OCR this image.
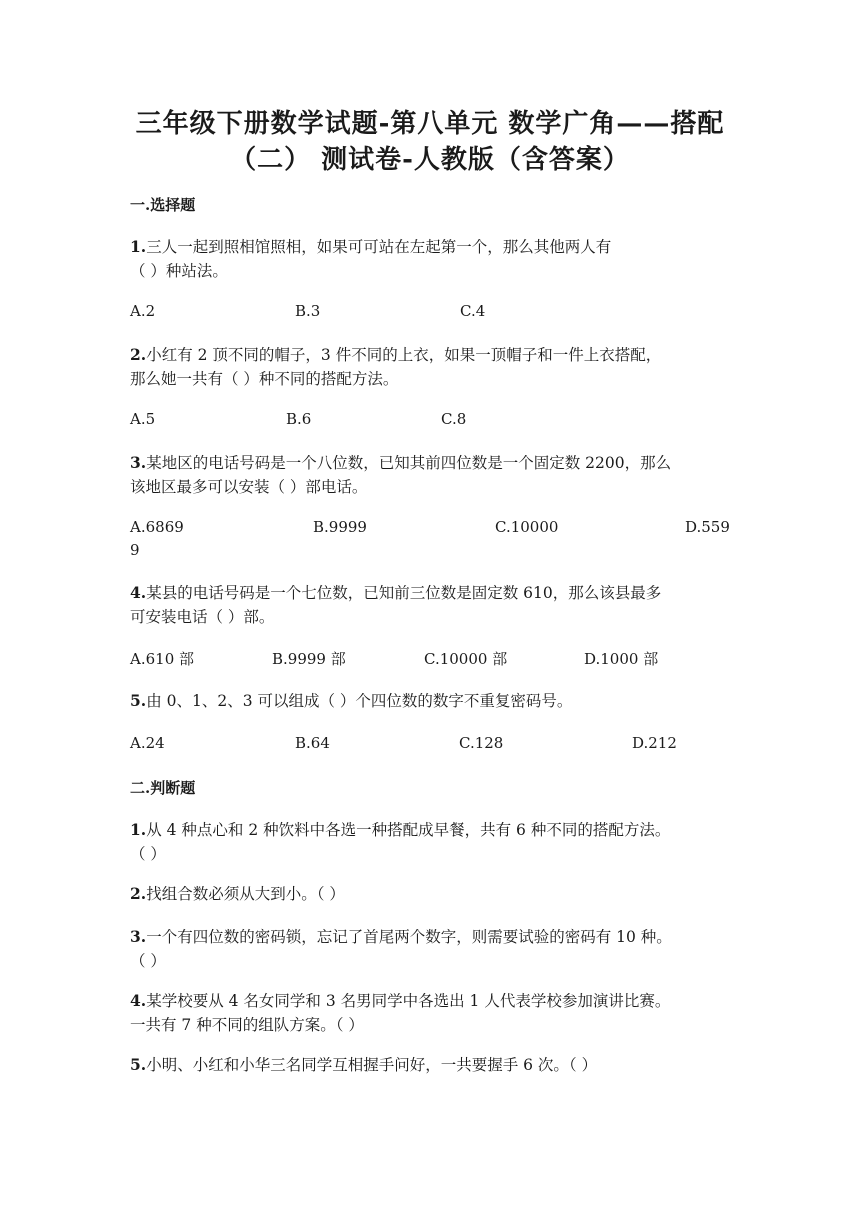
三年级下册数学试题-第八单元 数学广角——搭配
（二） 测试卷-人教版（含答案）
一.选择题
1.三人一起到照相馆照相，如果可可站在左起第一个，那么其他两人有
（ ）种站法。
A.2	B.3	C.4
2.小红有 2 顶不同的帽子，3 件不同的上衣，如果一顶帽子和一件上衣搭配，
那么她一共有（ ）种不同的搭配方法。
A.5	B.6	C.8
3.某地区的电话号码是一个八位数，已知其前四位数是一个固定数 2200，那么
该地区最多可以安装（ ）部电话。
A.6869	B.9999	C.10000	D.559
9
4.某县的电话号码是一个七位数，已知前三位数是固定数 610，那么该县最多
可安装电话（ ）部。
A.610 部	B.9999 部	C.10000 部	D.1000 部
5.由 0、1、2、3 可以组成（ ）个四位数的数字不重复密码号。
A.24	B.64	C.128	D.212
二.判断题
1.从 4 种点心和 2 种饮料中各选一种搭配成早餐，共有 6 种不同的搭配方法。
（ ）
2.找组合数必须从大到小。（ ）
3.一个有四位数的密码锁，忘记了首尾两个数字，则需要试验的密码有 10 种。
（ ）
4.某学校要从 4 名女同学和 3 名男同学中各选出 1 人代表学校参加演讲比赛。
一共有 7 种不同的组队方案。（ ）
5.小明、小红和小华三名同学互相握手问好，一共要握手 6 次。（ ）
